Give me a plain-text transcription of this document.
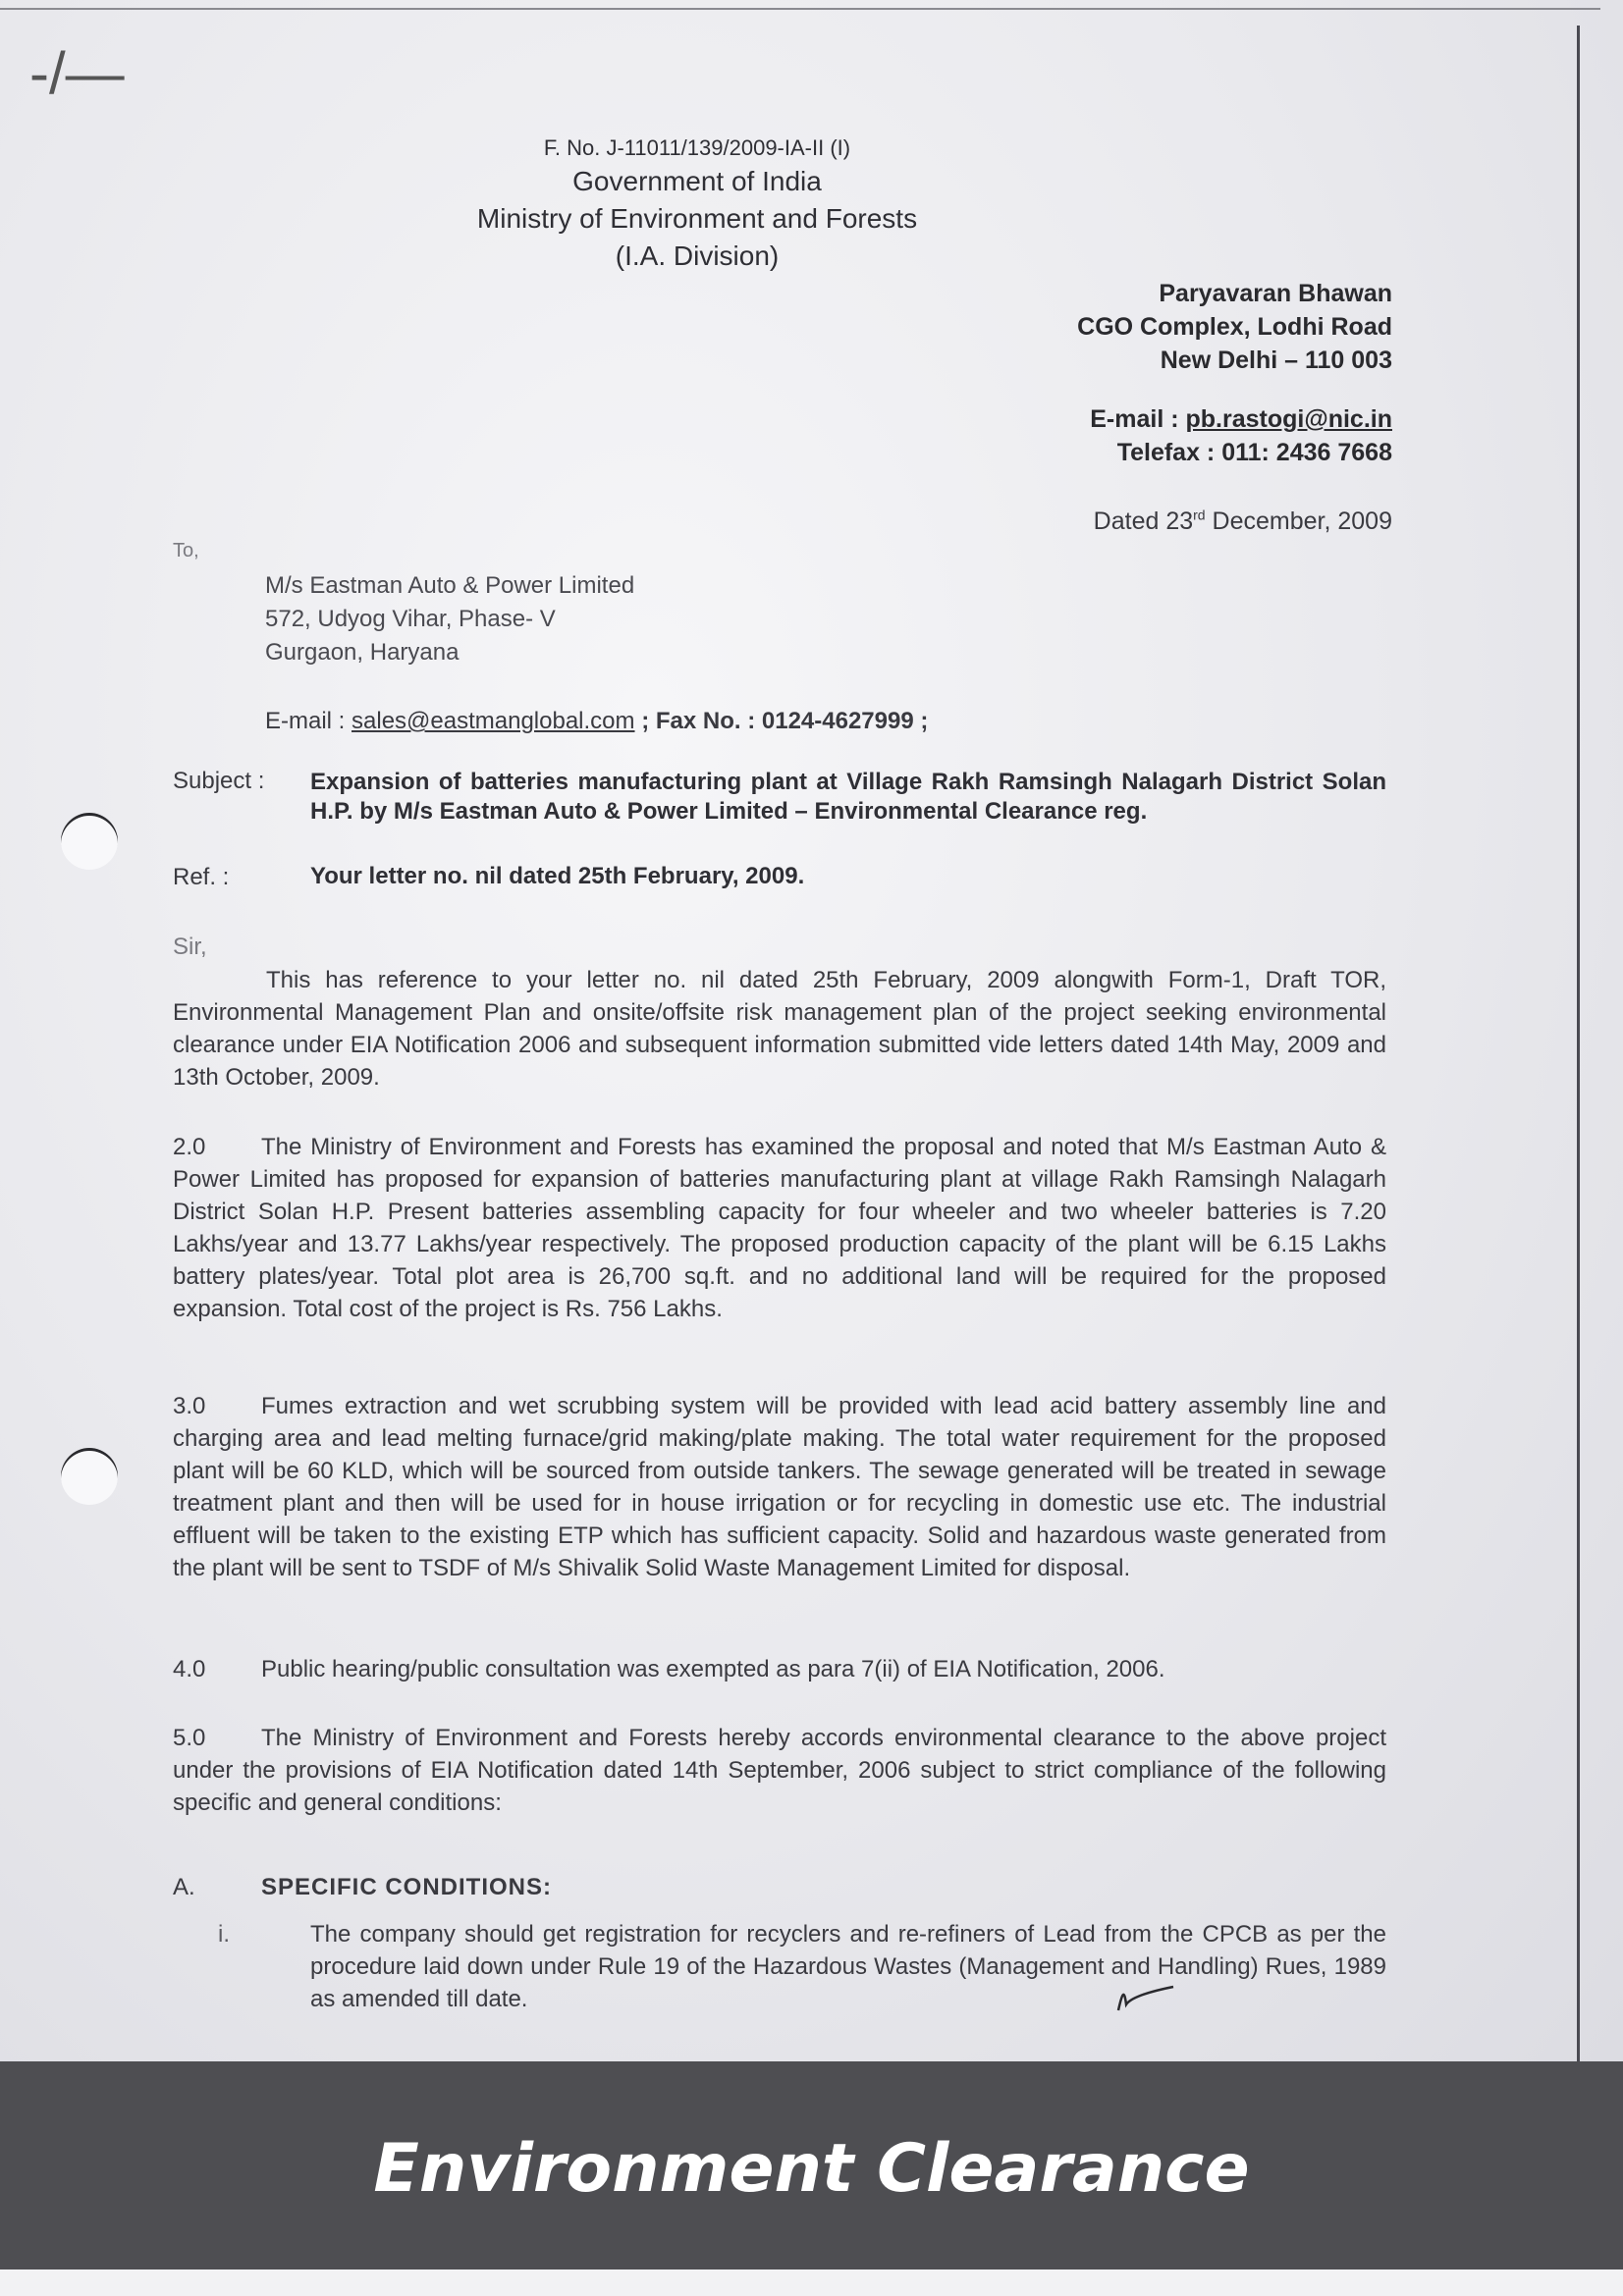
-/—
F. No. J-11011/139/2009-IA-II (I)
Government of India
Ministry of Environment and Forests
(I.A. Division)
Paryavaran Bhawan
CGO Complex, Lodhi Road
New Delhi – 110 003
E-mail : pb.rastogi@nic.in
Telefax : 011: 2436 7668
Dated 23rd December, 2009
To,
M/s Eastman Auto & Power Limited
572, Udyog Vihar, Phase- V
Gurgaon, Haryana
E-mail : sales@eastmanglobal.com ; Fax No. : 0124-4627999 ;
Subject : Expansion of batteries manufacturing plant at Village Rakh Ramsingh Nalagarh District Solan H.P. by M/s Eastman Auto & Power Limited – Environmental Clearance reg.
Ref. :	Your letter no. nil dated 25th February, 2009.
Sir,
This has reference to your letter no. nil dated 25th February, 2009 alongwith Form-1, Draft TOR, Environmental Management Plan and onsite/offsite risk management plan of the project seeking environmental clearance under EIA Notification 2006 and subsequent information submitted vide letters dated 14th May, 2009 and 13th October, 2009.
2.0 The Ministry of Environment and Forests has examined the proposal and noted that M/s Eastman Auto & Power Limited has proposed for expansion of batteries manufacturing plant at village Rakh Ramsingh Nalagarh District Solan H.P. Present batteries assembling capacity for four wheeler and two wheeler batteries is 7.20 Lakhs/year and 13.77 Lakhs/year respectively. The proposed production capacity of the plant will be 6.15 Lakhs battery plates/year. Total plot area is 26,700 sq.ft. and no additional land will be required for the proposed expansion. Total cost of the project is Rs. 756 Lakhs.
3.0 Fumes extraction and wet scrubbing system will be provided with lead acid battery assembly line and charging area and lead melting furnace/grid making/plate making. The total water requirement for the proposed plant will be 60 KLD, which will be sourced from outside tankers. The sewage generated will be treated in sewage treatment plant and then will be used for in house irrigation or for recycling in domestic use etc. The industrial effluent will be taken to the existing ETP which has sufficient capacity. Solid and hazardous waste generated from the plant will be sent to TSDF of M/s Shivalik Solid Waste Management Limited for disposal.
4.0 Public hearing/public consultation was exempted as para 7(ii) of EIA Notification, 2006.
5.0 The Ministry of Environment and Forests hereby accords environmental clearance to the above project under the provisions of EIA Notification dated 14th September, 2006 subject to strict compliance of the following specific and general conditions:
A.	SPECIFIC CONDITIONS:
i.	The company should get registration for recyclers and re-refiners of Lead from the CPCB as per the procedure laid down under Rule 19 of the Hazardous Wastes (Management and Handling) Rues, 1989 as amended till date.
Environment Clearance
